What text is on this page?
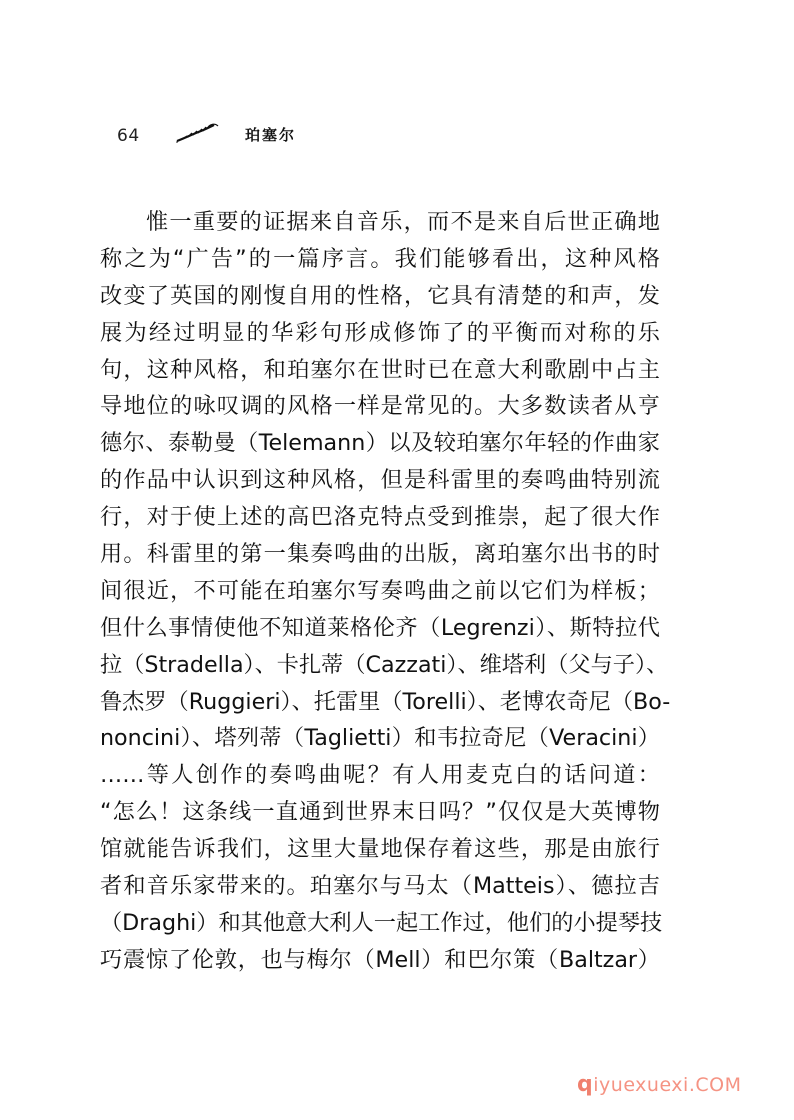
64	珀塞尔
惟一重要的证据来自音乐，而不是来自后世正确地
称之为“广告”的一篇序言。我们能够看出，这种风格
改变了英国的刚愎自用的性格，它具有清楚的和声，发
展为经过明显的华彩句形成修饰了的平衡而对称的乐
句，这种风格，和珀塞尔在世时已在意大利歌剧中占主
导地位的咏叹调的风格一样是常见的。大多数读者从亨
德尔、泰勒曼（Telemann）以及较珀塞尔年轻的作曲家
的作品中认识到这种风格，但是科雷里的奏鸣曲特别流
行，对于使上述的高巴洛克特点受到推崇，起了很大作
用。科雷里的第一集奏鸣曲的出版，离珀塞尔出书的时
间很近，不可能在珀塞尔写奏鸣曲之前以它们为样板；
但什么事情使他不知道莱格伦齐（Legrenzi）、斯特拉代
拉（Stradella）、卡扎蒂（Cazzati）、维塔利（父与子）、
鲁杰罗（Ruggieri）、托雷里（Torelli）、老博农奇尼（Bo-
noncini）、塔列蒂（Taglietti）和韦拉奇尼（Veracini）
……等人创作的奏鸣曲呢？有人用麦克白的话问道：
“怎么！这条线一直通到世界末日吗？”仅仅是大英博物
馆就能告诉我们，这里大量地保存着这些，那是由旅行
者和音乐家带来的。珀塞尔与马太（Matteis）、德拉吉
（Draghi）和其他意大利人一起工作过，他们的小提琴技
巧震惊了伦敦，也与梅尔（Mell）和巴尔策（Baltzar）
qiyuexuexi.COM
